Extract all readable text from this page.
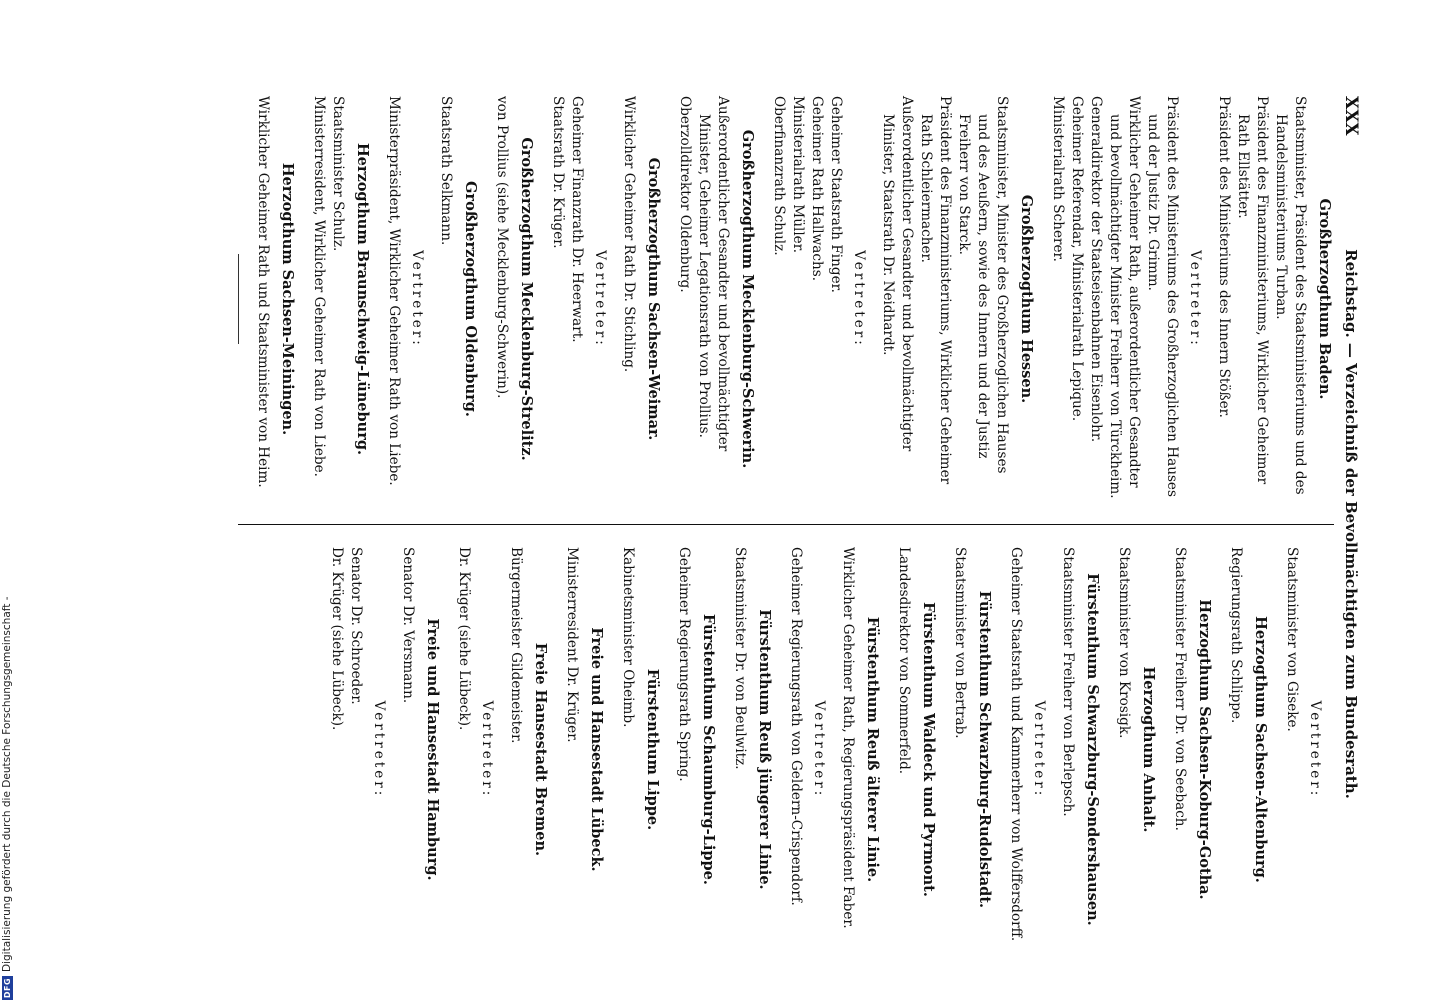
XXX
Reichstag. — Verzeichniß der Bevollmächtigten zum Bundesrath.
Großherzogthum Baden.

Staatsminister, Präsident des Staatsministeriums und des Handelsministeriums Turban.

Präsident des Finanzministeriums, Wirklicher Geheimer Rath Ellstätter.

Präsident des Ministeriums des Innern Stößer.

Vertreter:

Präsident des Ministeriums des Großherzoglichen Hauses und der Justiz Dr. Grimm.

Wirklicher Geheimer Rath, außerordentlicher Gesandter und bevollmächtigter Minister Freiherr von Türckheim.

Generaldirektor der Staatseisenbahnen Eisenlohr.

Geheimer Referendar, Ministerialrath Lepique.

Ministerialrath Scherer.

Großherzogthum Hessen.

Staatsminister, Minister des Großherzoglichen Hauses und des Aeußern, sowie des Innern und der Justiz Freiherr von Starck.

Präsident des Finanzministeriums, Wirklicher Geheimer Rath Schleiermacher.

Außerordentlicher Gesandter und bevollmächtigter Minister, Staatsrath Dr. Neidhardt.

Vertreter:

Geheimer Staatsrath Finger.

Geheimer Rath Hallwachs.

Ministerialrath Müller.

Oberfinanzrath Schulz.

Großherzogthum Mecklenburg-Schwerin.

Außerordentlicher Gesandter und bevollmächtigter Minister, Geheimer Legationsrath von Prollius.

Oberzolldirektor Oldenburg.

Großherzogthum Sachsen-Weimar.

Wirklicher Geheimer Rath Dr. Stichling.

Vertreter:

Geheimer Finanzrath Dr. Heerwart.

Staatsrath Dr. Krüger.

Großherzogthum Mecklenburg-Strelitz.

von Prollius (siehe Mecklenburg-Schwerin).

Großherzogthum Oldenburg.

Staatsrath Selkmann.

Vertreter:

Ministerpräsident, Wirklicher Geheimer Rath von Liebe.

Herzogthum Braunschweig-Lüneburg.

Staatsminister Schulz.

Ministerresident, Wirklicher Geheimer Rath von Liebe.

Herzogthum Sachsen-Meiningen.

Wirklicher Geheimer Rath und Staatsminister von Heim.

Vertreter:

Staatsminister von Giseke.

Herzogthum Sachsen-Altenburg.

Regierungsrath Schlippe.

Herzogthum Sachsen-Koburg-Gotha.

Staatsminister Freiherr Dr. von Seebach.

Herzogthum Anhalt.

Staatsminister von Krosigk.

Fürstenthum Schwarzburg-Sondershausen.

Staatsminister Freiherr von Berlepsch.

Vertreter:

Geheimer Staatsrath und Kammerherr von Wolffersdorff.

Fürstenthum Schwarzburg-Rudolstadt.

Staatsminister von Bertrab.

Fürstenthum Waldeck und Pyrmont.

Landesdirektor von Sommerfeld.

Fürstenthum Reuß älterer Linie.

Wirklicher Geheimer Rath, Regierungspräsident Faber.

Vertreter:

Geheimer Regierungsrath von Geldern-Crispendorf.

Fürstenthum Reuß jüngerer Linie.

Staatsminister Dr. von Beulwitz.

Fürstenthum Schaumburg-Lippe.

Geheimer Regierungsrath Spring.

Fürstenthum Lippe.

Kabinetsminister Oheimb.

Freie und Hansestadt Lübeck.

Ministerresident Dr. Krüger.

Freie Hansestadt Bremen.

Bürgermeister Gildemeister.

Vertreter:

Dr. Krüger (siehe Lübeck).

Freie und Hansestadt Hamburg.

Senator Dr. Versmann.

Vertreter:

Senator Dr. Schroeder.

Dr. Krüger (siehe Lübeck).

DFG
Digitalisierung gefördert durch die Deutsche Forschungsgemeinschaft -
